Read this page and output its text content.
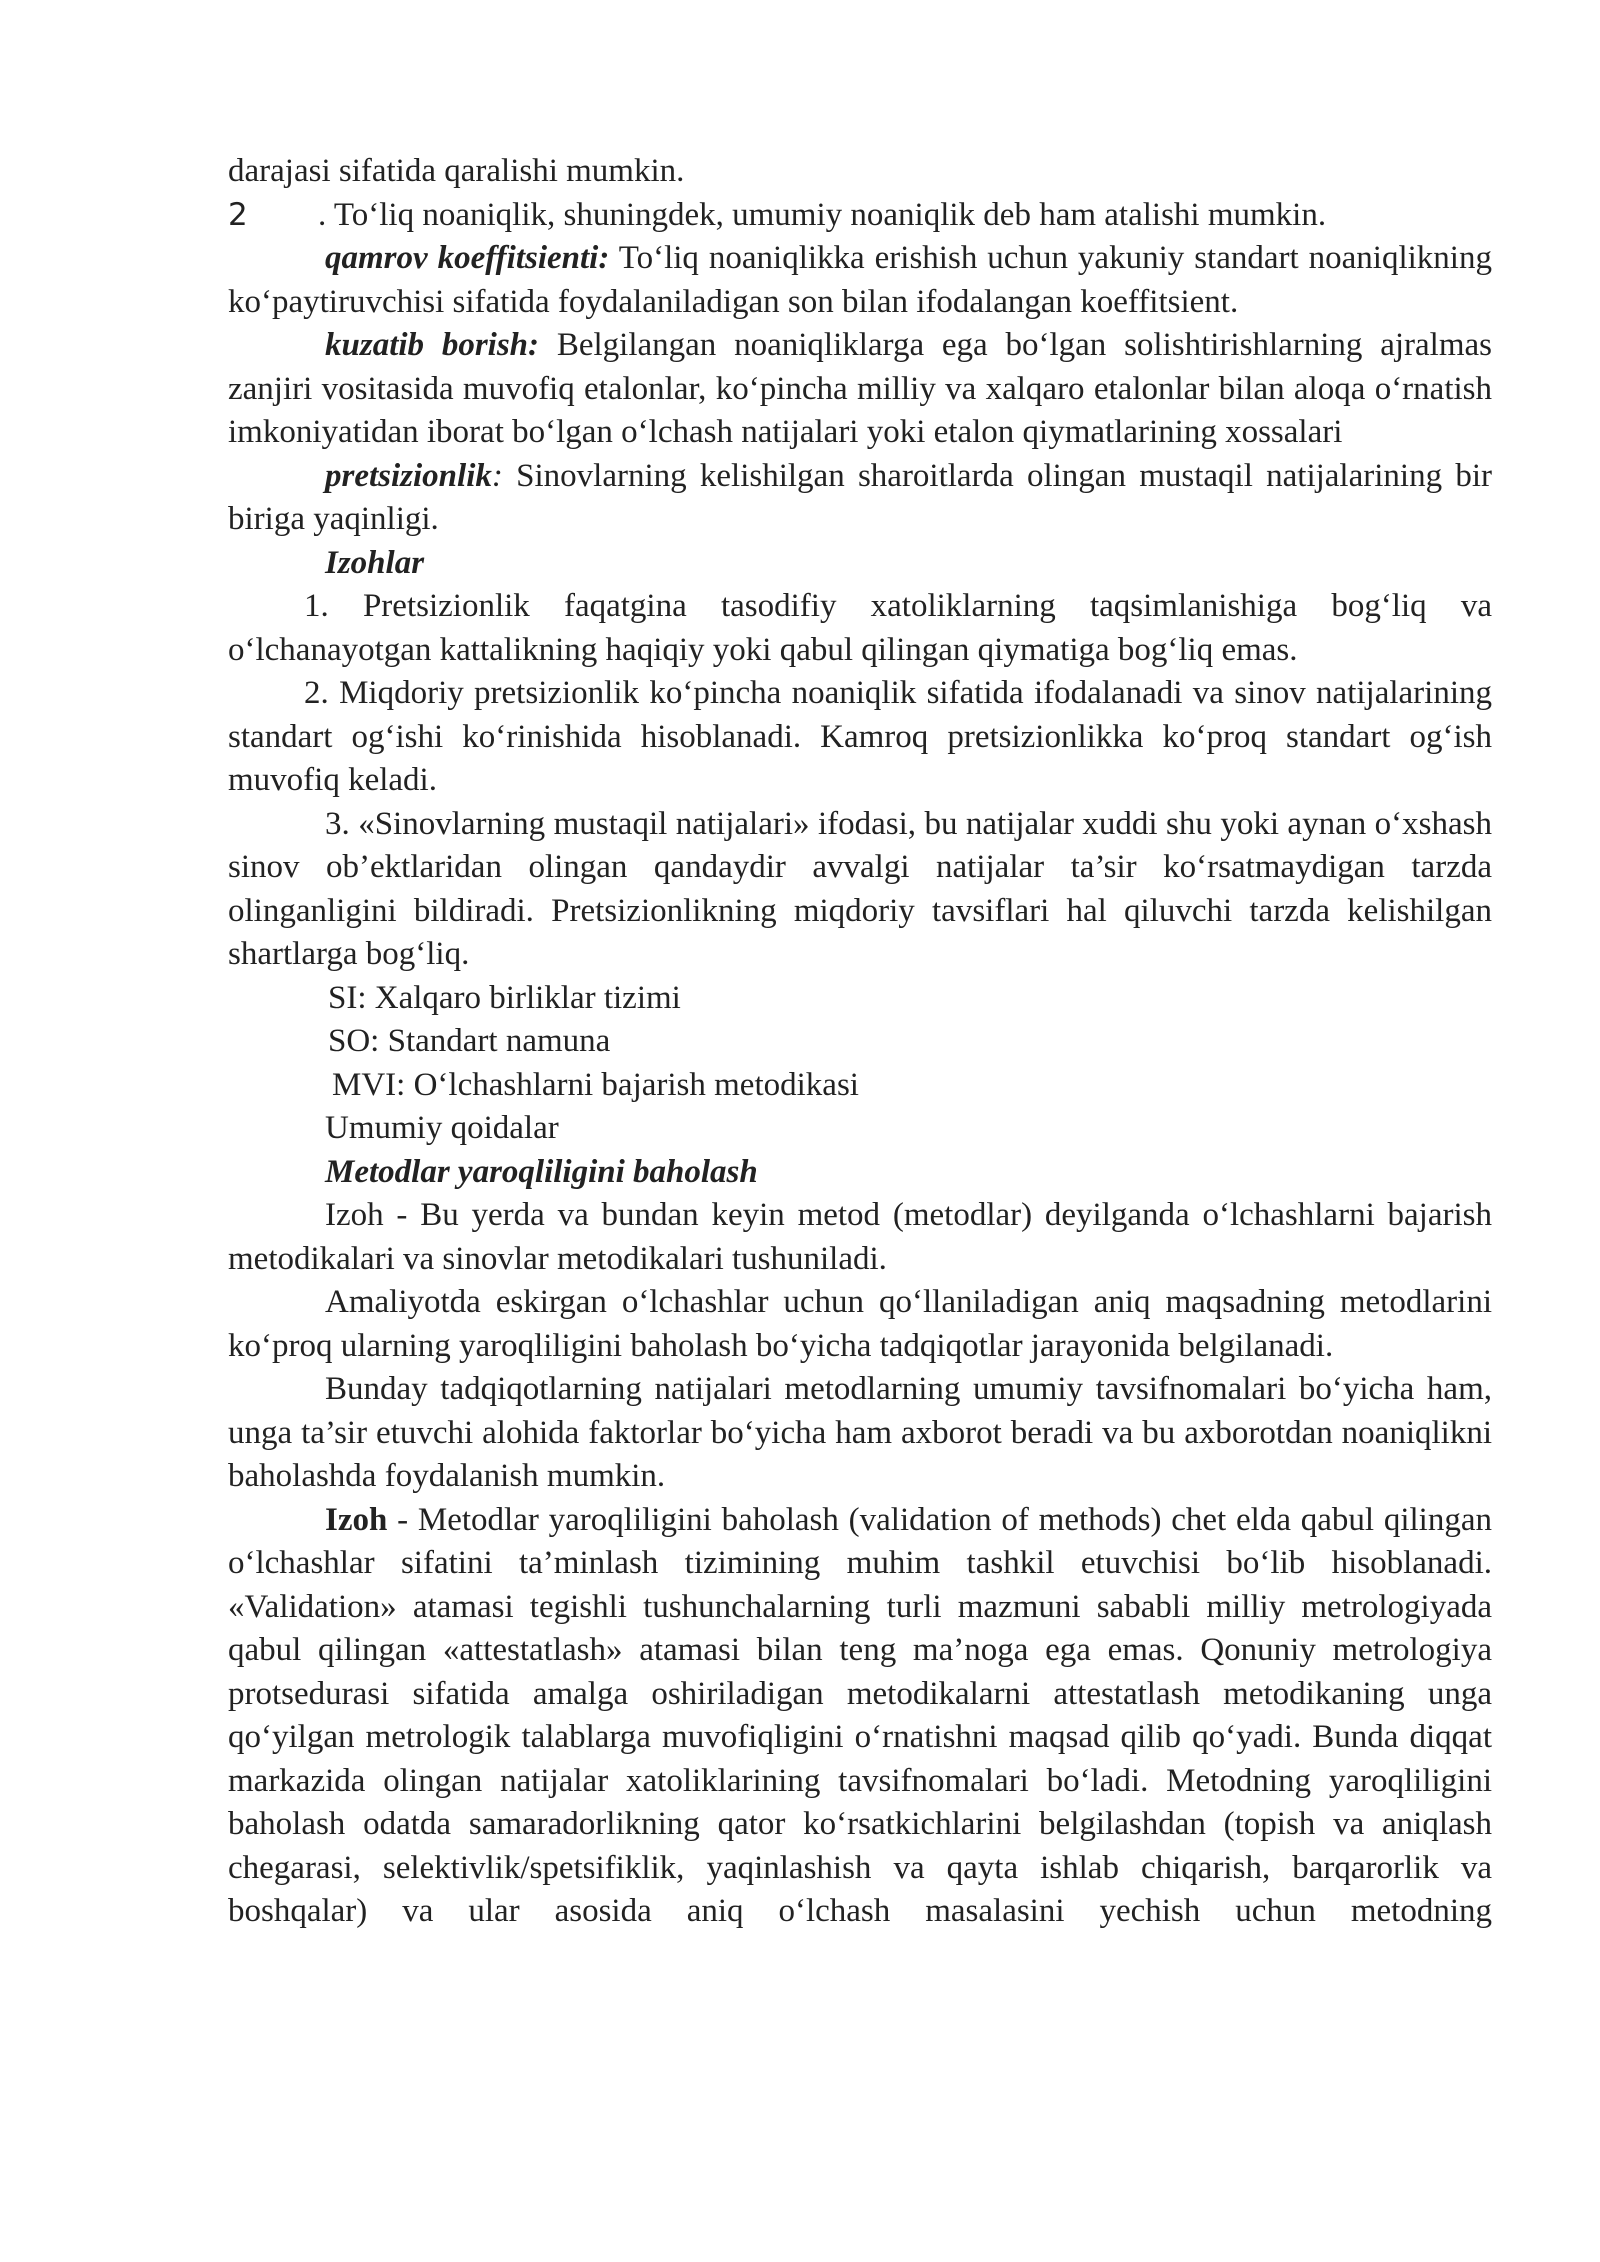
darajasi sifatida qaralishi mumkin.

2 . To‘liq noaniqlik, shuningdek, umumiy noaniqlik deb ham atalishi mumkin.

qamrov koeffitsienti: To‘liq noaniqlikka erishish uchun yakuniy standart noaniqlikning ko‘paytiruvchisi sifatida foydalaniladigan son bilan ifodalangan koeffitsient.

kuzatib borish: Belgilangan noaniqliklarga ega bo‘lgan solishtirishlarning ajralmas zanjiri vositasida muvofiq etalonlar, ko‘pincha milliy va xalqaro etalonlar bilan aloqa o‘rnatish imkoniyatidan iborat bo‘lgan o‘lchash natijalari yoki etalon qiymatlarining xossalari

pretsizionlik: Sinovlarning kelishilgan sharoitlarda olingan mustaqil natijalarining bir biriga yaqinligi.

Izohlar

1. Pretsizionlik faqatgina tasodifiy xatoliklarning taqsimlanishiga bog‘liq va o‘lchanayotgan kattalikning haqiqiy yoki qabul qilingan qiymatiga bog‘liq emas.

2. Miqdoriy pretsizionlik ko‘pincha noaniqlik sifatida ifodalanadi va sinov natijalarining standart og‘ishi ko‘rinishida hisoblanadi. Kamroq pretsizionlikka ko‘proq standart og‘ish muvofiq keladi.

3. «Sinovlarning mustaqil natijalari» ifodasi, bu natijalar xuddi shu yoki aynan o‘xshash sinov ob’ektlaridan olingan qandaydir avvalgi natijalar ta’sir ko‘rsatmaydigan tarzda olinganligini bildiradi. Pretsizionlikning miqdoriy tavsiflari hal qiluvchi tarzda kelishilgan shartlarga bog‘liq.

SI: Xalqaro birliklar tizimi

SO: Standart namuna

MVI: O‘lchashlarni bajarish metodikasi

Umumiy qoidalar

Metodlar yaroqliligini baholash

Izoh - Bu yerda va bundan keyin metod (metodlar) deyilganda o‘lchashlarni bajarish metodikalari va sinovlar metodikalari tushuniladi.

Amaliyotda eskirgan o‘lchashlar uchun qo‘llaniladigan aniq maqsadning metodlarini ko‘proq ularning yaroqliligini baholash bo‘yicha tadqiqotlar jarayonida belgilanadi.

Bunday tadqiqotlarning natijalari metodlarning umumiy tavsifnomalari bo‘yicha ham, unga ta’sir etuvchi alohida faktorlar bo‘yicha ham axborot beradi va bu axborotdan noaniqlikni baholashda foydalanish mumkin.

Izoh - Metodlar yaroqliligini baholash (validation of methods) chet elda qabul qilingan o‘lchashlar sifatini ta’minlash tizimining muhim tashkil etuvchisi bo‘lib hisoblanadi. «Validation» atamasi tegishli tushunchalarning turli mazmuni sababli milliy metrologiyada qabul qilingan «attestatlash» atamasi bilan teng ma’noga ega emas. Qonuniy metrologiya protsedurasi sifatida amalga oshiriladigan metodikalarni attestatlash metodikaning unga qo‘yilgan metrologik talablarga muvofiqligini o‘rnatishni maqsad qilib qo‘yadi. Bunda diqqat markazida olingan natijalar xatoliklarining tavsifnomalari bo‘ladi. Metodning yaroqliligini baholash odatda samaradorlikning qator ko‘rsatkichlarini belgilashdan (topish va aniqlash chegarasi, selektivlik/spetsifiklik, yaqinlashish va qayta ishlab chiqarish, barqarorlik va boshqalar) va ular asosida aniq o‘lchash masalasini yechish uchun metodning
